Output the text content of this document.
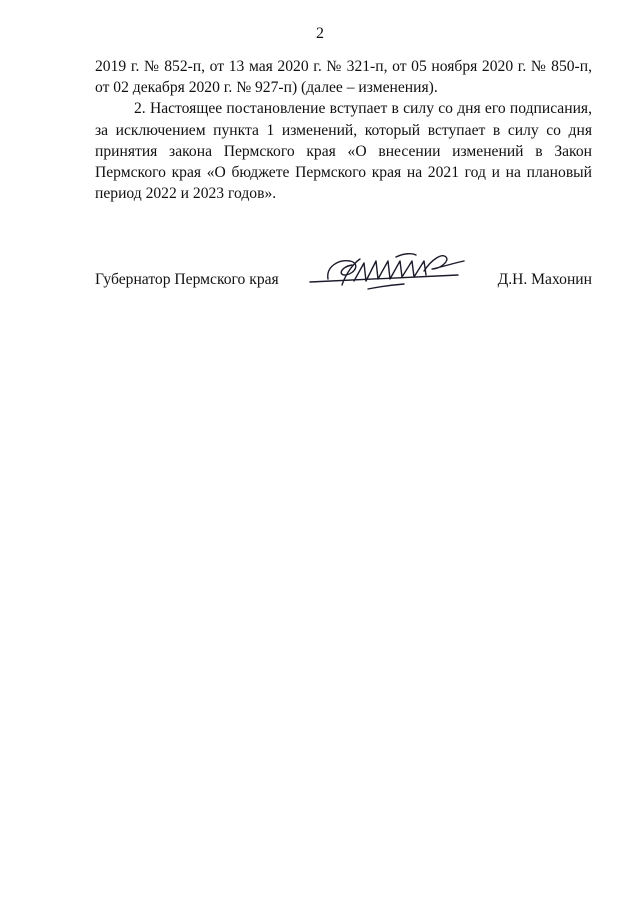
2

2019 г. № 852-п, от 13 мая 2020 г. № 321-п, от 05 ноября 2020 г. № 850-п, от 02 декабря 2020 г. № 927-п) (далее – изменения).

2. Настоящее постановление вступает в силу со дня его подписания, за исключением пункта 1 изменений, который вступает в силу со дня принятия закона Пермского края «О внесении изменений в Закон Пермского края «О бюджете Пермского края на 2021 год и на плановый период 2022 и 2023 годов».

Губернатор Пермского края	Д.Н. Махонин
